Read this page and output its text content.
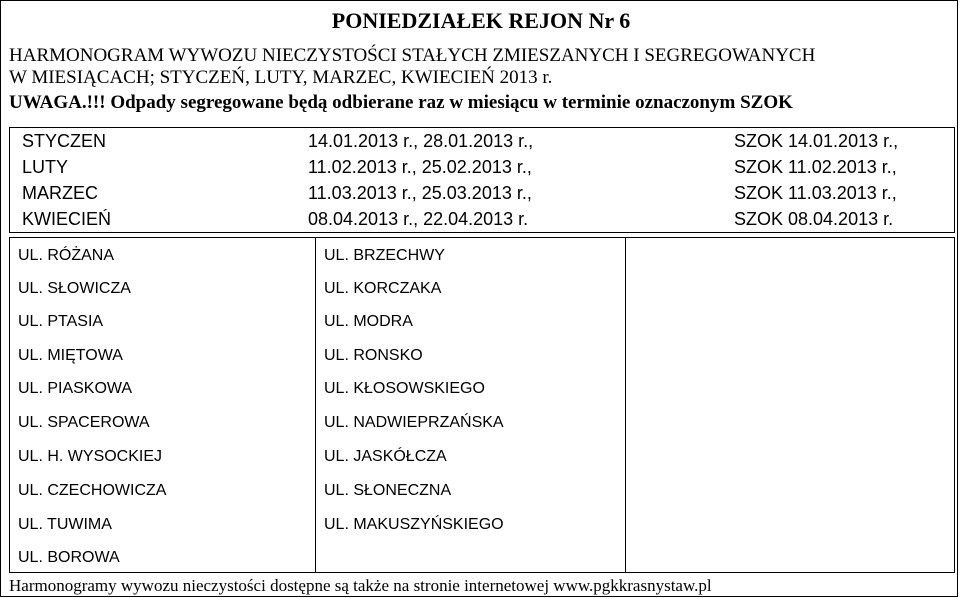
PONIEDZIAŁEK REJON Nr 6
HARMONOGRAM WYWOZU NIECZYSTOŚCI STAŁYCH ZMIESZANYCH I SEGREGOWANYCH
W MIESIĄCACH; STYCZEŃ, LUTY, MARZEC, KWIECIEŃ 2013 r.
UWAGA.!!! Odpady segregowane będą odbierane raz w miesiącu w terminie oznaczonym SZOK
STYCZEN	14.01.2013 r., 28.01.2013 r.,	SZOK 14.01.2013 r.,
LUTY	11.02.2013 r., 25.02.2013 r.,	SZOK 11.02.2013 r.,
MARZEC	11.03.2013 r., 25.03.2013 r.,	SZOK 11.03.2013 r.,
KWIECIEŃ	08.04.2013 r., 22.04.2013 r.	SZOK 08.04.2013 r.
UL. RÓŻANA
UL. SŁOWICZA
UL. PTASIA
UL. MIĘTOWA
UL. PIASKOWA
UL. SPACEROWA
UL. H. WYSOCKIEJ
UL. CZECHOWICZA
UL. TUWIMA
UL. BOROWA
UL. BRZECHWY
UL. KORCZAKA
UL. MODRA
UL. RONSKO
UL. KŁOSOWSKIEGO
UL. NADWIEPRZAŃSKA
UL. JASKÓŁCZA
UL. SŁONECZNA
UL. MAKUSZYŃSKIEGO
Harmonogramy wywozu nieczystości dostępne są także na stronie internetowej www.pgkkrasnystaw.pl
